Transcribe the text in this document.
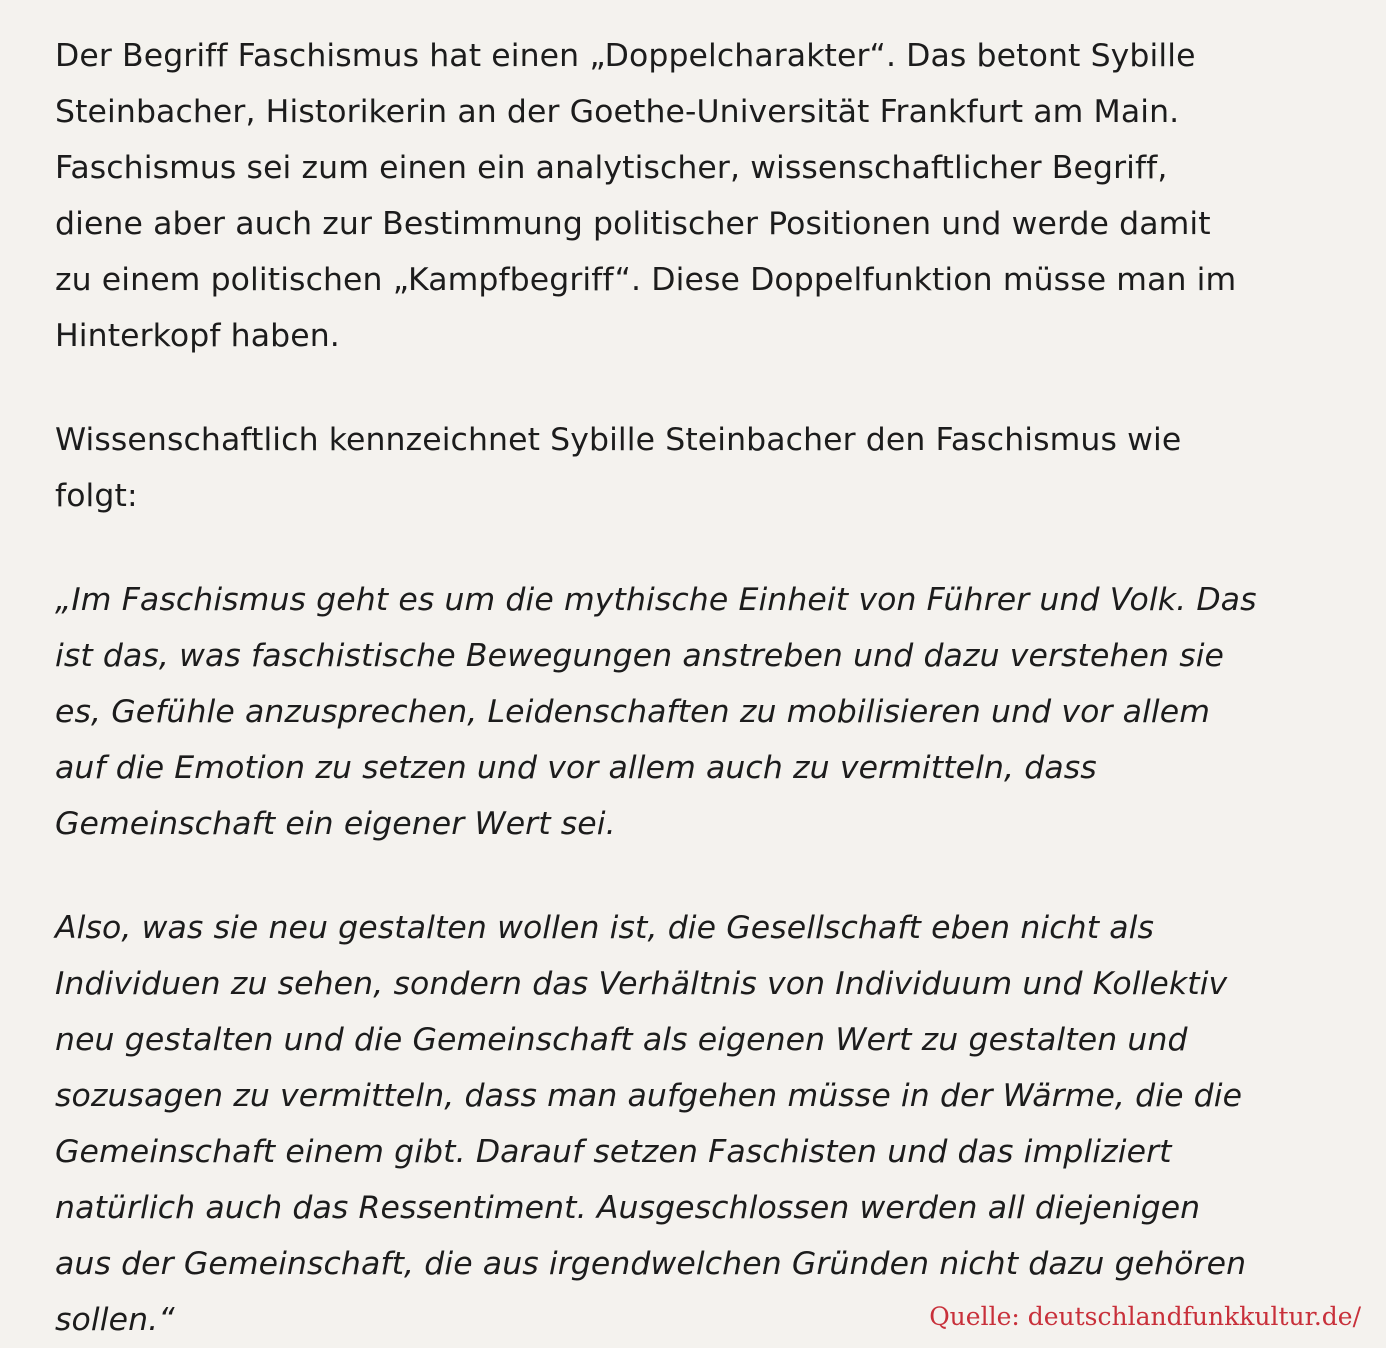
Der Begriff Faschismus hat einen „Doppelcharakter“. Das betont Sybille
Steinbacher, Historikerin an der Goethe-Universität Frankfurt am Main.
Faschismus sei zum einen ein analytischer, wissenschaftlicher Begriff,
diene aber auch zur Bestimmung politischer Positionen und werde damit
zu einem politischen „Kampfbegriff“. Diese Doppelfunktion müsse man im
Hinterkopf haben.

Wissenschaftlich kennzeichnet Sybille Steinbacher den Faschismus wie
folgt:

„Im Faschismus geht es um die mythische Einheit von Führer und Volk. Das
ist das, was faschistische Bewegungen anstreben und dazu verstehen sie
es, Gefühle anzusprechen, Leidenschaften zu mobilisieren und vor allem
auf die Emotion zu setzen und vor allem auch zu vermitteln, dass
Gemeinschaft ein eigener Wert sei.

Also, was sie neu gestalten wollen ist, die Gesellschaft eben nicht als
Individuen zu sehen, sondern das Verhältnis von Individuum und Kollektiv
neu gestalten und die Gemeinschaft als eigenen Wert zu gestalten und
sozusagen zu vermitteln, dass man aufgehen müsse in der Wärme, die die
Gemeinschaft einem gibt. Darauf setzen Faschisten und das impliziert
natürlich auch das Ressentiment. Ausgeschlossen werden all diejenigen
aus der Gemeinschaft, die aus irgendwelchen Gründen nicht dazu gehören
sollen.“	Quelle: deutschlandfunkkultur.de/
